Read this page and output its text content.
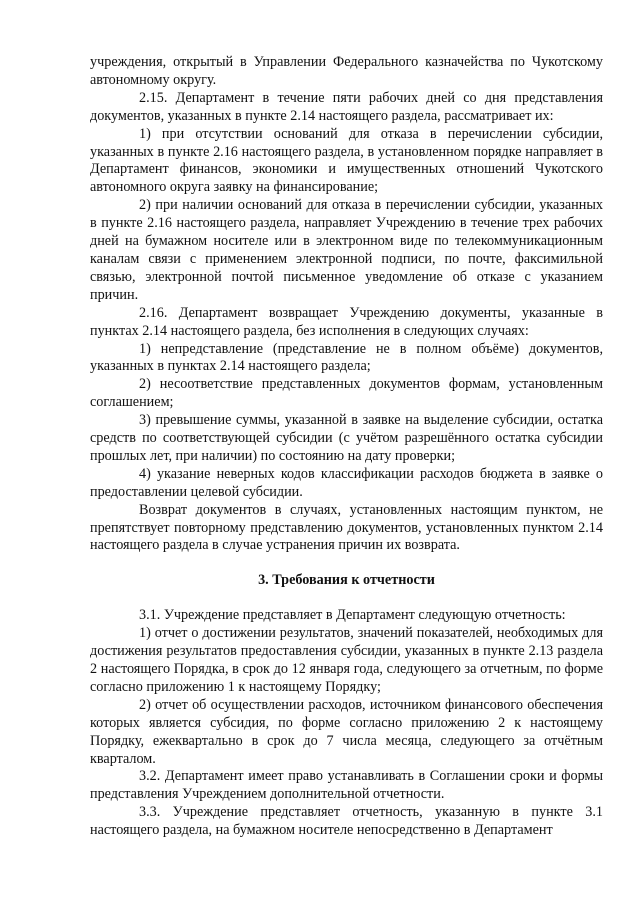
учреждения, открытый в Управлении Федерального казначейства по Чукотскому автономному округу.

2.15. Департамент в течение пяти рабочих дней со дня представления документов, указанных в пункте 2.14 настоящего раздела, рассматривает их:

1) при отсутствии оснований для отказа в перечислении субсидии, указанных в пункте 2.16 настоящего раздела, в установленном порядке направляет в Департамент финансов, экономики и имущественных отношений Чукотского автономного округа заявку на финансирование;

2) при наличии оснований для отказа в перечислении субсидии, указанных в пункте 2.16 настоящего раздела, направляет Учреждению в течение трех рабочих дней на бумажном носителе или в электронном виде по телекоммуникационным каналам связи с применением электронной подписи, по почте, факсимильной связью, электронной почтой письменное уведомление об отказе с указанием причин.

2.16. Департамент возвращает Учреждению документы, указанные в пунктах 2.14 настоящего раздела, без исполнения в следующих случаях:

1) непредставление (представление не в полном объёме) документов, указанных в пунктах 2.14 настоящего раздела;

2) несоответствие представленных документов формам, установленным соглашением;

3) превышение суммы, указанной в заявке на выделение субсидии, остатка средств по соответствующей субсидии (с учётом разрешённого остатка субсидии прошлых лет, при наличии) по состоянию на дату проверки;

4) указание неверных кодов классификации расходов бюджета в заявке о предоставлении целевой субсидии.

Возврат документов в случаях, установленных настоящим пунктом, не препятствует повторному представлению документов, установленных пунктом 2.14 настоящего раздела в случае устранения причин их возврата.

3. Требования к отчетности

3.1. Учреждение представляет в Департамент следующую отчетность:

1) отчет о достижении результатов, значений показателей, необходимых для достижения результатов предоставления субсидии, указанных в пункте 2.13 раздела 2 настоящего Порядка, в срок до 12 января года, следующего за отчетным, по форме согласно приложению 1 к настоящему Порядку;

2) отчет об осуществлении расходов, источником финансового обеспечения которых является субсидия, по форме согласно приложению 2 к настоящему Порядку, ежеквартально в срок до 7 числа месяца, следующего за отчётным кварталом.

3.2. Департамент имеет право устанавливать в Соглашении сроки и формы представления Учреждением дополнительной отчетности.

3.3. Учреждение представляет отчетность, указанную в пункте 3.1 настоящего раздела, на бумажном носителе непосредственно в Департамент
